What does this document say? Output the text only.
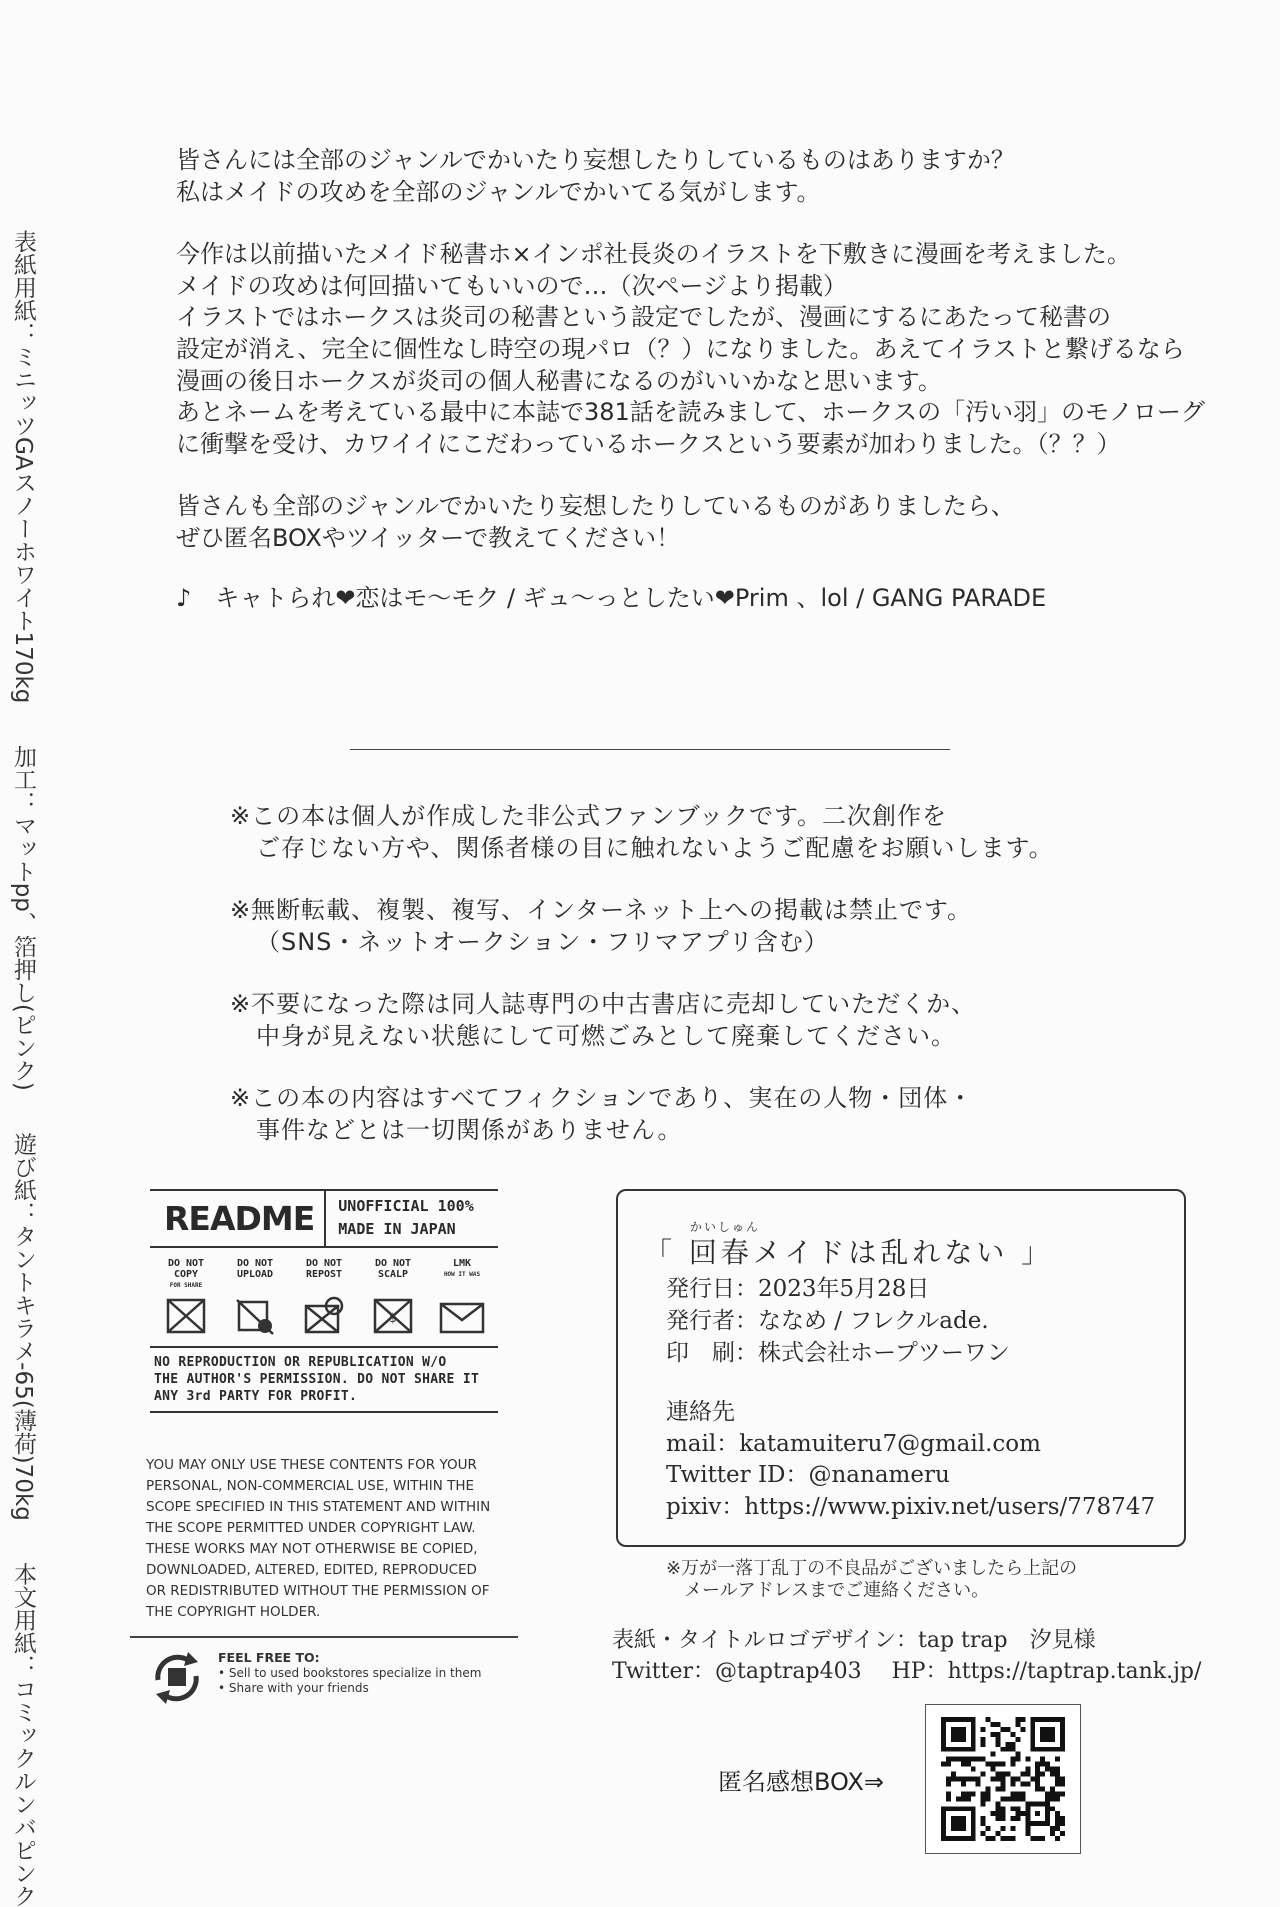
表紙用紙：ミニッツGAスノーホワイト170kg 加工：マットpp、箔押し(ピンク) 遊び紙：タントキラメ-65(薄荷)70kg 本文用紙：コミックルンバピンク

皆さんには全部のジャンルでかいたり妄想したりしているものはありますか？
私はメイドの攻めを全部のジャンルでかいてる気がします。

今作は以前描いたメイド秘書ホ×インポ社長炎のイラストを下敷きに漫画を考えました。
メイドの攻めは何回描いてもいいので…（次ページより掲載）
イラストではホークスは炎司の秘書という設定でしたが、漫画にするにあたって秘書の
設定が消え、完全に個性なし時空の現パロ（？）になりました。あえてイラストと繋げるなら
漫画の後日ホークスが炎司の個人秘書になるのがいいかなと思います。
あとネームを考えている最中に本誌で381話を読みまして、ホークスの「汚い羽」のモノローグ
に衝撃を受け、カワイイにこだわっているホークスという要素が加わりました。（？？）

皆さんも全部のジャンルでかいたり妄想したりしているものがありましたら、
ぜひ匿名BOXやツイッターで教えてください！

♪　キャトられ❤恋はモ〜モク / ギュ〜っとしたい❤Prim 、lol / GANG PARADE
※この本は個人が作成した非公式ファンブックです。二次創作を
ご存じない方や、関係者様の目に触れないようご配慮をお願いします。
※無断転載、複製、複写、インターネット上への掲載は禁止です。
（SNS・ネットオークション・フリマアプリ含む）
※不要になった際は同人誌専門の中古書店に売却していただくか、
中身が見えない状態にして可燃ごみとして廃棄してください。
※この本の内容はすべてフィクションであり、実在の人物・団体・
事件などとは一切関係がありません。
README	UNOFFICIAL 100%
MADE IN JAPAN
DO NOT
COPY
FOR SHARE
DO NOT
UPLOAD
DO NOT
REPOST
DO NOT
SCALP
$
LMK
HOW IT WAS
NO REPRODUCTION OR REPUBLICATION W/O
THE AUTHOR'S PERMISSION. DO NOT SHARE IT
ANY 3rd PARTY FOR PROFIT.
YOU MAY ONLY USE THESE CONTENTS FOR YOUR
PERSONAL, NON-COMMERCIAL USE, WITHIN THE
SCOPE SPECIFIED IN THIS STATEMENT AND WITHIN
THE SCOPE PERMITTED UNDER COPYRIGHT LAW.
THESE WORKS MAY NOT OTHERWISE BE COPIED,
DOWNLOADED, ALTERED, EDITED, REPRODUCED
OR REDISTRIBUTED WITHOUT THE PERMISSION OF
THE COPYRIGHT HOLDER.
FEEL FREE TO:
• Sell to used bookstores specialize in them
• Share with your friends
かいしゅん
「 回春メイドは乱れない 」
発行日：2023年5月28日
発行者：ななめ / フレクルade.
印　刷：株式会社ホープツーワン
連絡先
mail：katamuiteru7@gmail.com
Twitter ID：@nanameru
pixiv：https://www.pixiv.net/users/778747
※万が一落丁乱丁の不良品がございましたら上記の
メールアドレスまでご連絡ください。
表紙・タイトルロゴデザイン：tap trap　汐見様
Twitter：@taptrap403 HP：https://taptrap.tank.jp/
匿名感想BOX⇒
